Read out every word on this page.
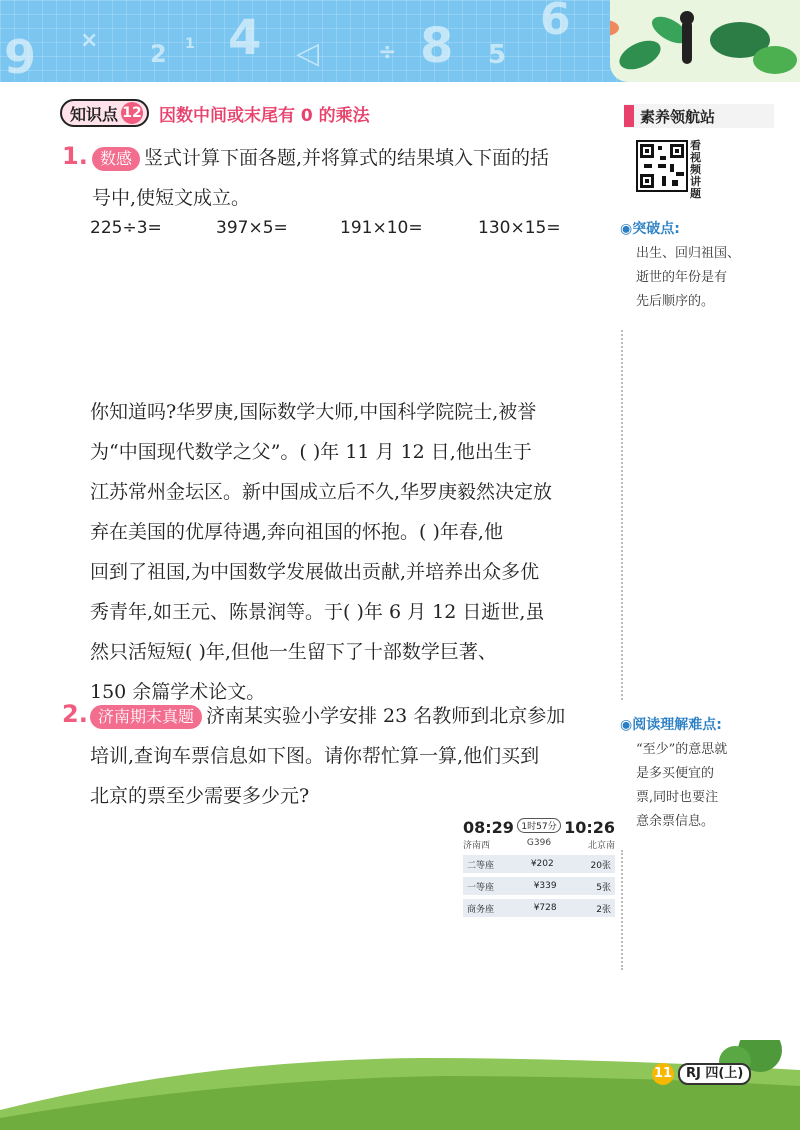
9 × 2 1 4 ◁	÷ 8 5
6
知识点 12 因数中间或末尾有 0 的乘法	素养领航站
看视频讲题
◉突破点:
出生、回归祖国、
逝世的年份是有
先后顺序的。
◉阅读理解难点:
“至少”的意思就
是多买便宜的
票,同时也要注
意余票信息。
1. 数感 竖式计算下面各题,并将算式的结果填入下面的括
号中,使短文成立。
225÷3=	397×5=	191×10=	130×15=
你知道吗?华罗庚,国际数学大师,中国科学院院士,被誉
为“中国现代数学之父”。( )年 11 月 12 日,他出生于
江苏常州金坛区。新中国成立后不久,华罗庚毅然决定放
弃在美国的优厚待遇,奔向祖国的怀抱。( )年春,他
回到了祖国,为中国数学发展做出贡献,并培养出众多优
秀青年,如王元、陈景润等。于( )年 6 月 12 日逝世,虽
然只活短短( )年,但他一生留下了十部数学巨著、
150 余篇学术论文。
2. 济南期末真题 济南某实验小学安排 23 名教师到北京参加
培训,查询车票信息如下图。请你帮忙算一算,他们买到
北京的票至少需要多少元?
08:29 1时57分 10:26
济南西	G396	北京南
二等座	¥202	20张
一等座	¥339	5张
商务座	¥728	2张
11	RJ 四(上)
